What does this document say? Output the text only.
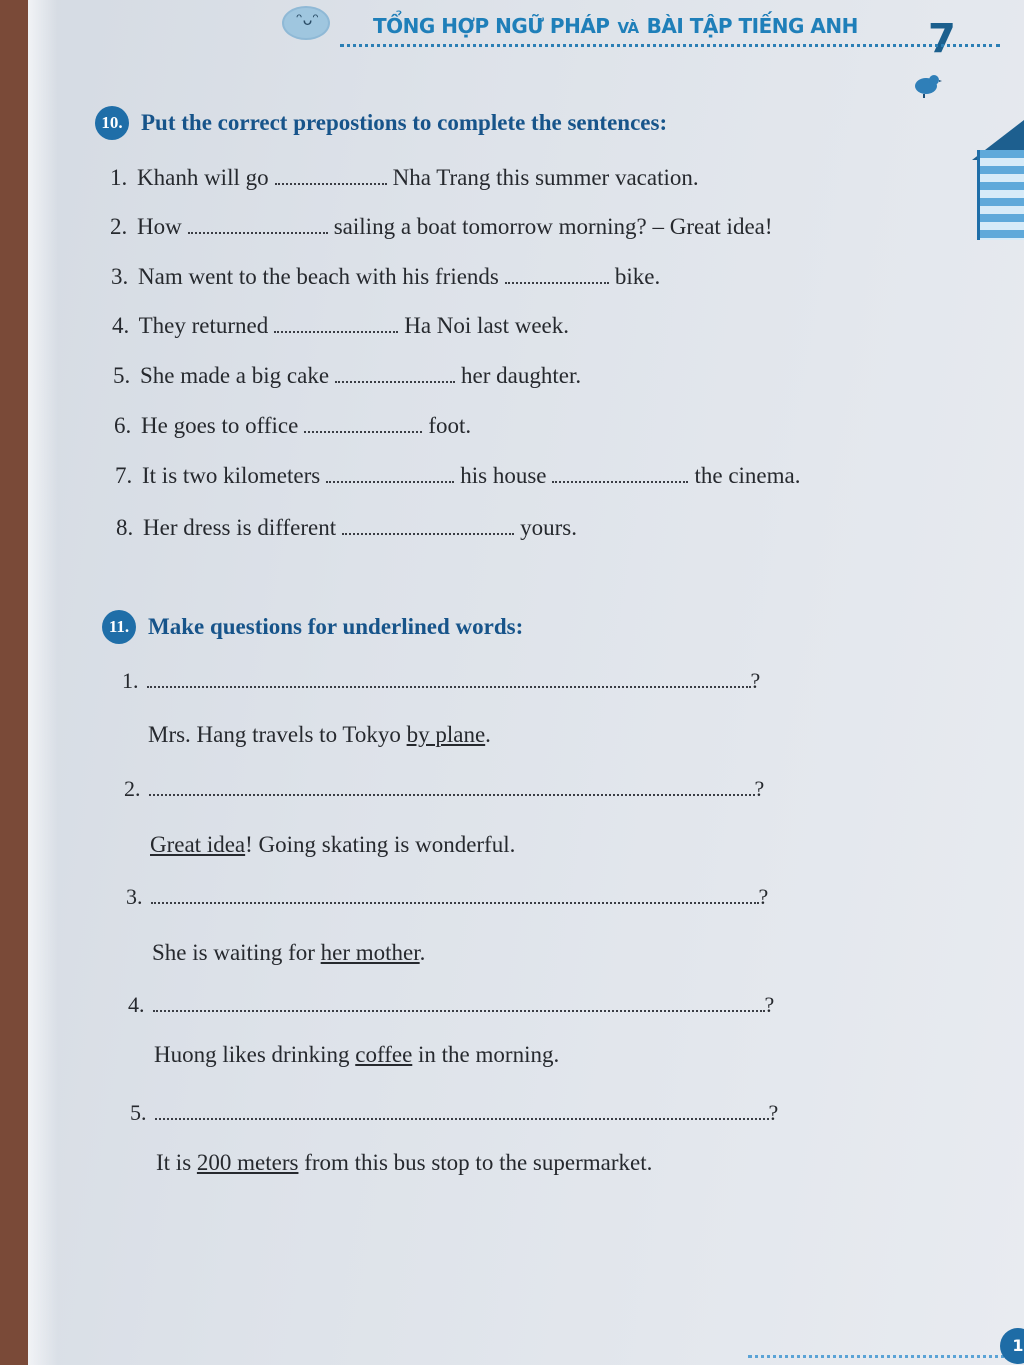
ᵔᴗᵔ	TỔNG HỢP NGỮ PHÁP VÀ BÀI TẬP TIẾNG ANH 7
10. Put the correct prepostions to complete the sentences:
1. Khanh will go	Nha Trang this summer vacation.
2. How	sailing a boat tomorrow morning? – Great idea!
3. Nam went to the beach with his friends	bike.
4. They returned	Ha Noi last week.
5. She made a big cake	her daughter.
6. He goes to office	foot.
7. It is two kilometers	his house	the cinema.
8. Her dress is different	yours.
11. Make questions for underlined words:
1.	?
Mrs. Hang travels to Tokyo by plane.
2.	?
Great idea! Going skating is wonderful.
3.	?
She is waiting for her mother.
4.	?
Huong likes drinking coffee in the morning.
5.	?
It is 200 meters from this bus stop to the supermarket.
1
